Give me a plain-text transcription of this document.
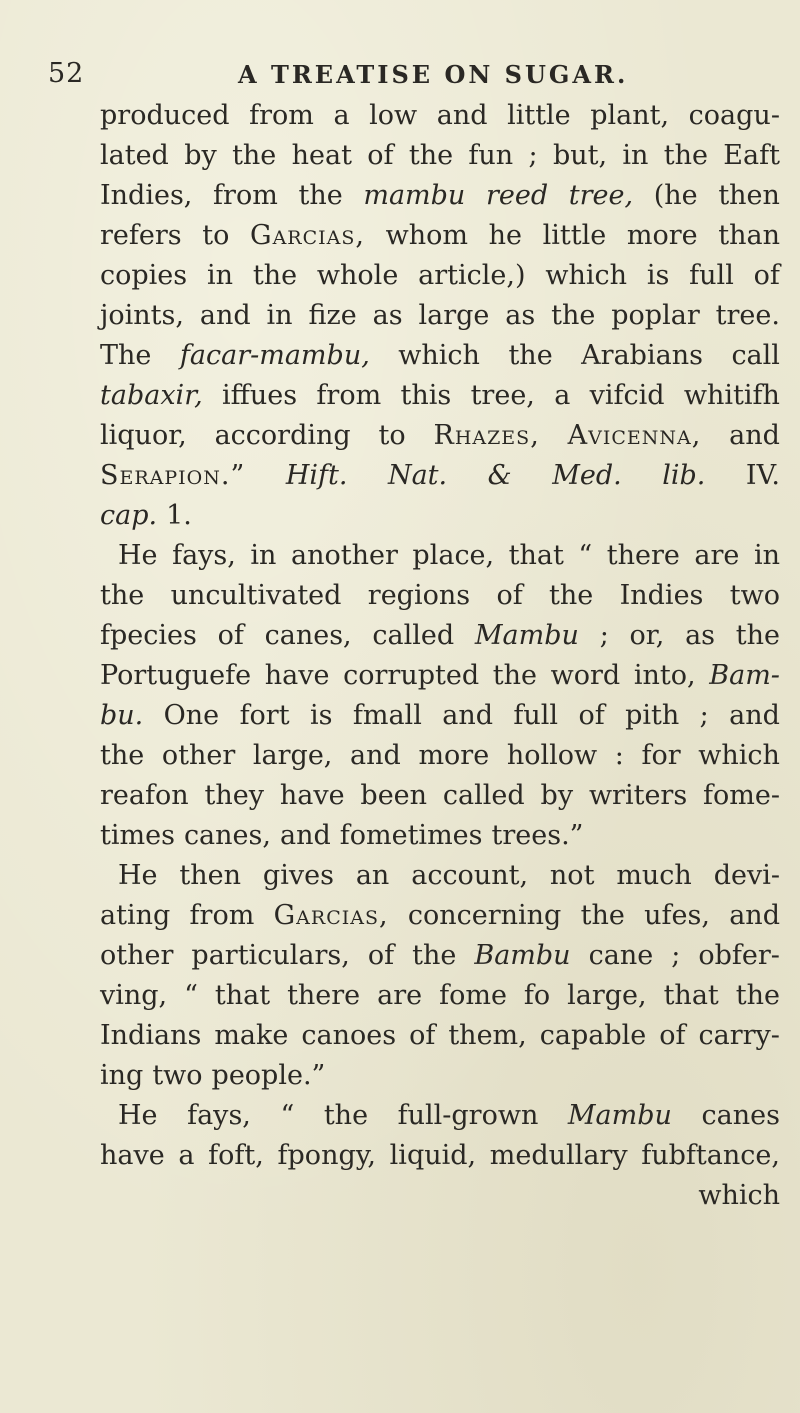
52	A TREATISE ON SUGAR.
produced from a low and little plant, coagu-
lated by the heat of the fun ; but, in the Eaft
Indies, from the mambu reed tree, (he then
refers to Garcias, whom he little more than
copies in the whole article,) which is full of
joints, and in fize as large as the poplar tree.
The facar-mambu, which the Arabians call
tabaxir, iffues from this tree, a vifcid whitifh
liquor, according to Rhazes, Avicenna, and
Serapion.” Hift. Nat. & Med. lib. IV.
cap. 1.
He fays, in another place, that “ there are in
the uncultivated regions of the Indies two
fpecies of canes, called Mambu ; or, as the
Portuguefe have corrupted the word into, Bam-
bu. One fort is fmall and full of pith ; and
the other large, and more hollow : for which
reafon they have been called by writers fome-
times canes, and fometimes trees.”
He then gives an account, not much devi-
ating from Garcias, concerning the ufes, and
other particulars, of the Bambu cane ; obfer-
ving, “ that there are fome fo large, that the
Indians make canoes of them, capable of carry-
ing two people.”
He fays, “ the full-grown Mambu canes
have a foft, fpongy, liquid, medullary fubftance,
which
